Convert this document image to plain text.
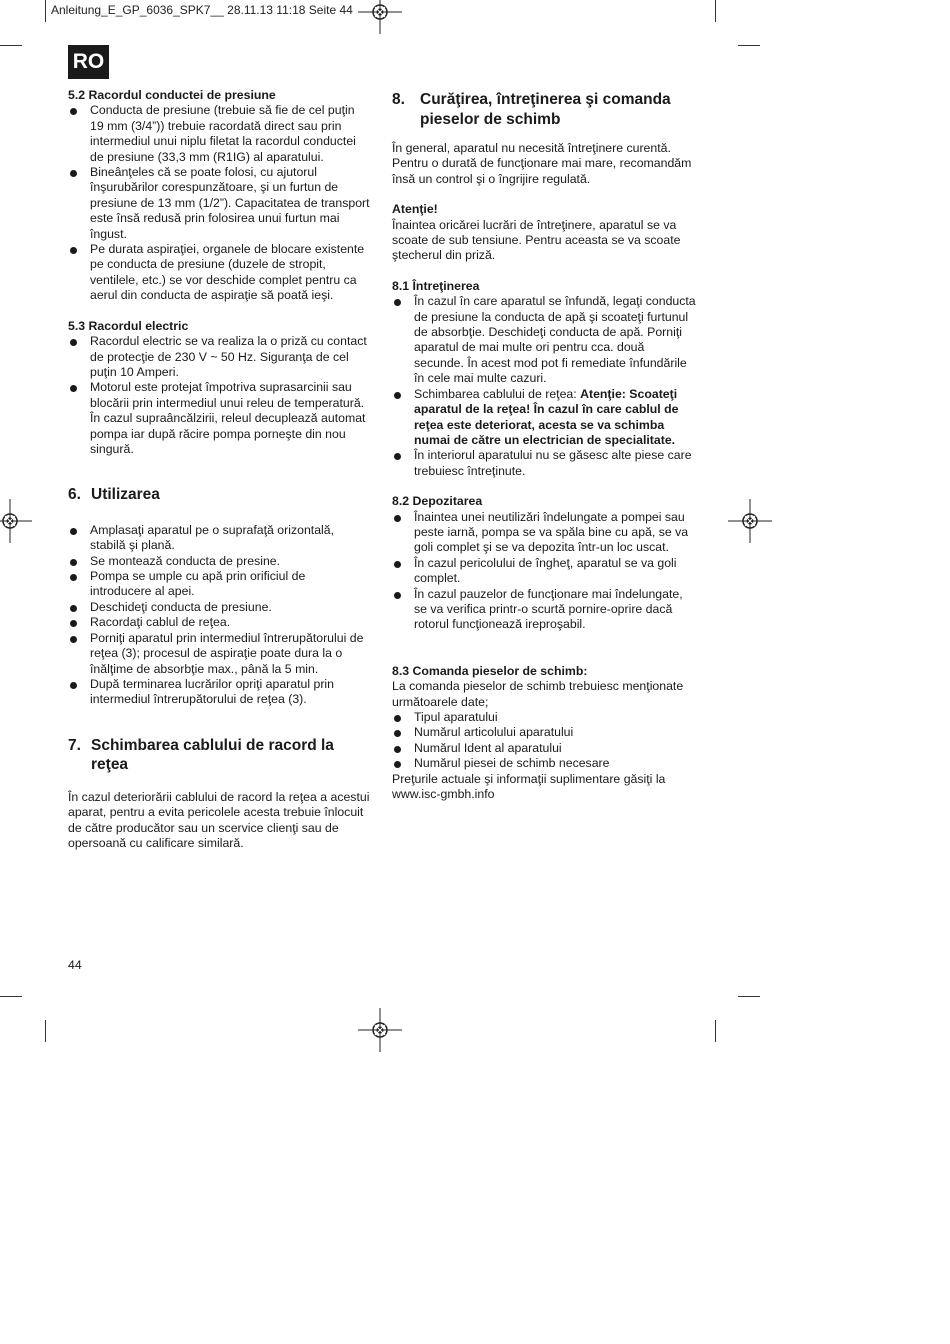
Anleitung_E_GP_6036_SPK7__ 28.11.13 11:18 Seite 44
RO

5.2 Racordul conductei de presiune

Conducta de presiune (trebuie să fie de cel puţin 19 mm (3/4”)) trebuie racordată direct sau prin intermediul unui niplu filetat la racordul conductei de presiune (33,3 mm (R1IG) al aparatului.
Bineânţeles că se poate folosi, cu ajutorul înşurubărilor corespunzătoare, şi un furtun de presiune de 13 mm (1/2”). Capacitatea de transport este însă redusă prin folosirea unui furtun mai îngust.
Pe durata aspiraţiei, organele de blocare existente pe conducta de presiune (duzele de stropit, ventilele, etc.) se vor deschide complet pentru ca aerul din conducta de aspiraţie să poată ieşi.

5.3 Racordul electric

Racordul electric se va realiza la o priză cu contact de protecţie de 230 V ~ 50 Hz. Siguranţa de cel puţin 10 Amperi.
Motorul este protejat împotriva suprasarcinii sau blocării prin intermediul unui releu de temperatură. În cazul supraâncălzirii, releul decuplează automat pompa iar după răcire pompa porneşte din nou singură.
6. Utilizarea
Amplasaţi aparatul pe o suprafaţă orizontală, stabilă şi plană.
Se montează conducta de presine.
Pompa se umple cu apă prin orificiul de introducere al apei.
Deschideţi conducta de presiune.
Racordaţi cablul de reţea.
Porniţi aparatul prin intermediul întrerupătorului de reţea (3); procesul de aspiraţie poate dura la o înălţime de absorbţie max., până la 5 min.
După terminarea lucrărilor opriţi aparatul prin intermediul întrerupătorului de reţea (3).
7. Schimbarea cablului de racord la reţea

În cazul deteriorării cablului de racord la reţea a acestui aparat, pentru a evita pericolele acesta trebuie înlocuit de către producător sau un scervice clienţi sau de opersoană cu calificare similară.

8. Curăţirea, întreţinerea şi comanda pieselor de schimb

În general, aparatul nu necesită întreţinere curentă. Pentru o durată de funcţionare mai mare, recomandăm însă un control şi o îngrijire regulată.

Atenţie!

Înaintea oricărei lucrări de întreţinere, aparatul se va scoate de sub tensiune. Pentru aceasta se va scoate ştecherul din priză.

8.1 Întreţinerea

În cazul în care aparatul se înfundă, legaţi conducta de presiune la conducta de apă şi scoateţi furtunul de absorbţie. Deschideţi conducta de apă. Porniţi aparatul de mai multe ori pentru cca. două secunde. În acest mod pot fi remediate înfundările în cele mai multe cazuri.
Schimbarea cablului de reţea: Atenţie: Scoateţi aparatul de la reţea! În cazul în care cablul de reţea este deteriorat, acesta se va schimba numai de către un electrician de specialitate.
În interiorul aparatului nu se găsesc alte piese care trebuiesc întreţinute.

8.2 Depozitarea

Înaintea unei neutilizări îndelungate a pompei sau peste iarnă, pompa se va spăla bine cu apă, se va goli complet şi se va depozita într-un loc uscat.
În cazul pericolului de îngheţ, aparatul se va goli complet.
În cazul pauzelor de funcţionare mai îndelungate, se va verifica printr-o scurtă pornire-oprire dacă rotorul funcţionează ireproşabil.

8.3 Comanda pieselor de schimb:

La comanda pieselor de schimb trebuiesc menţionate următoarele date;

Tipul aparatului
Numărul articolului aparatului
Numărul Ident al aparatului
Numărul piesei de schimb necesare

Preţurile actuale şi informaţii suplimentare găsiţi la www.isc-gmbh.info

44
